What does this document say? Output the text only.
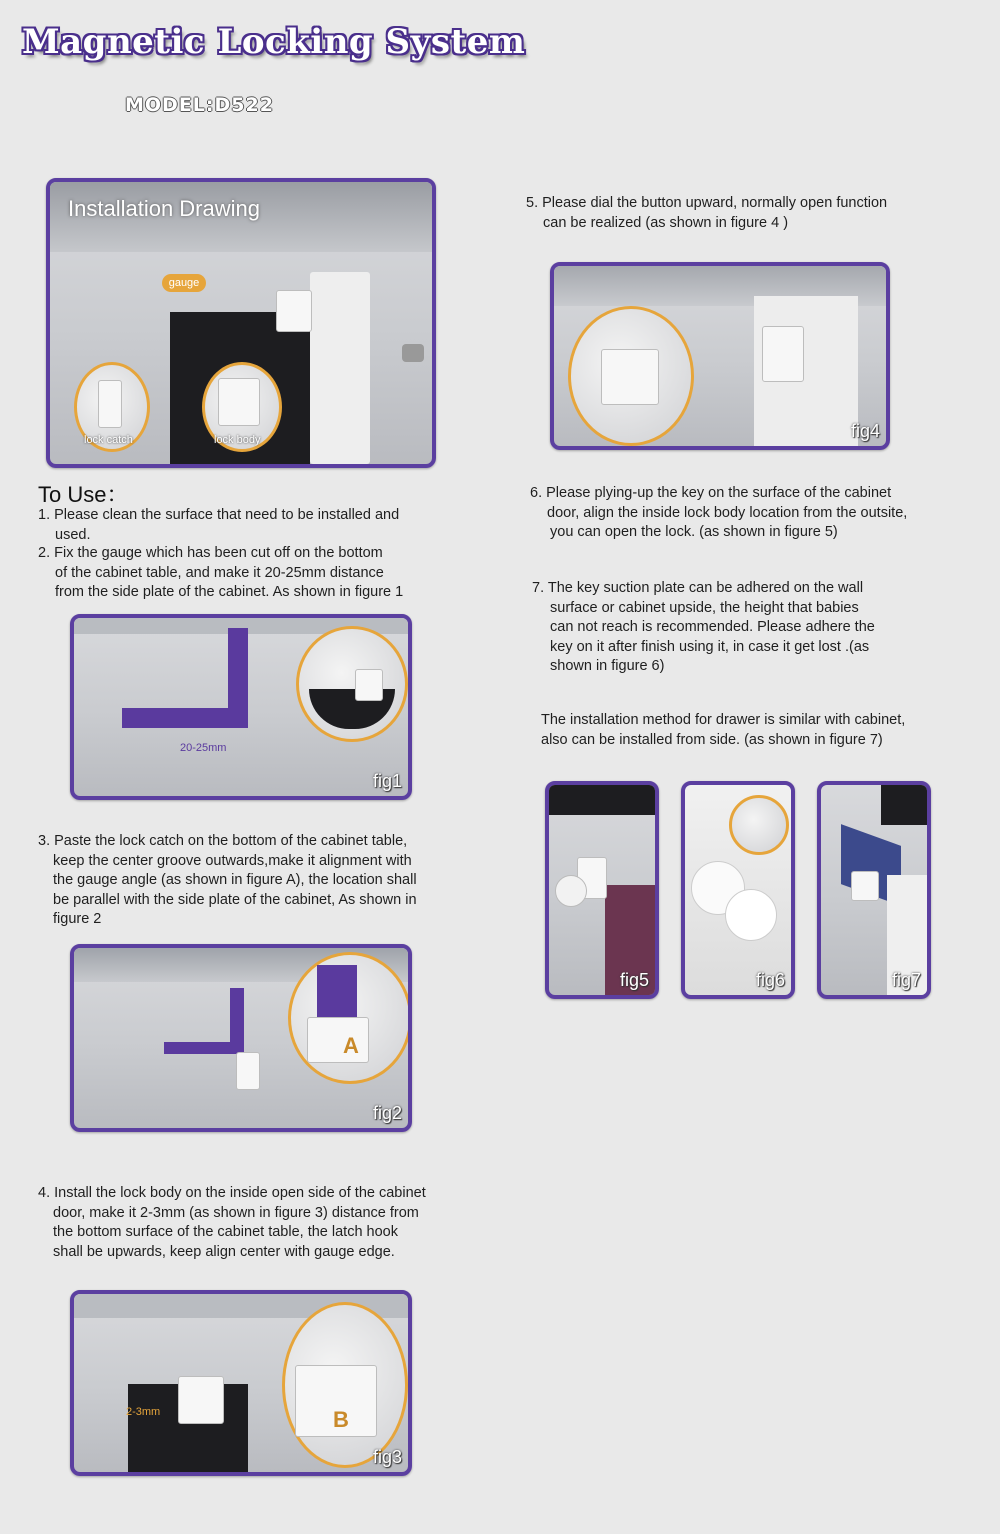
Magnetic Locking System
MODEL:D522
Installation Drawing
gauge
lock catch	lock body
To Use：

1. Please clean the surface that need to be installed and

used.

2. Fix the gauge which has been cut off on the bottom

of the cabinet table, and make it 20-25mm distance

from the side plate of the cabinet. As shown in figure 1

20-25mm
fig1

3. Paste the lock catch on the bottom of the cabinet table,

keep the center groove outwards,make it alignment with

the gauge angle (as shown in figure A), the location shall

be parallel with the side plate of the cabinet, As shown in

figure 2

A
fig2

4. Install the lock body on the inside open side of the cabinet

door, make it 2-3mm (as shown in figure 3) distance from

the bottom surface of the cabinet table, the latch hook

shall be upwards, keep align center with gauge edge.

2-3mm	B
fig3

5. Please dial the button upward, normally open function

can be realized (as shown in figure 4 )

fig4

6. Please plying-up the key on the surface of the cabinet

door, align the inside lock body location from the outsite,

you can open the lock. (as shown in figure 5)

7. The key suction plate can be adhered on the wall

surface or cabinet upside, the height that babies

can not reach is recommended. Please adhere the

key on it after finish using it, in case it get lost .(as

shown in figure 6)

The installation method for drawer is similar with cabinet,

also can be installed from side. (as shown in figure 7)

fig5	fig6	fig7
